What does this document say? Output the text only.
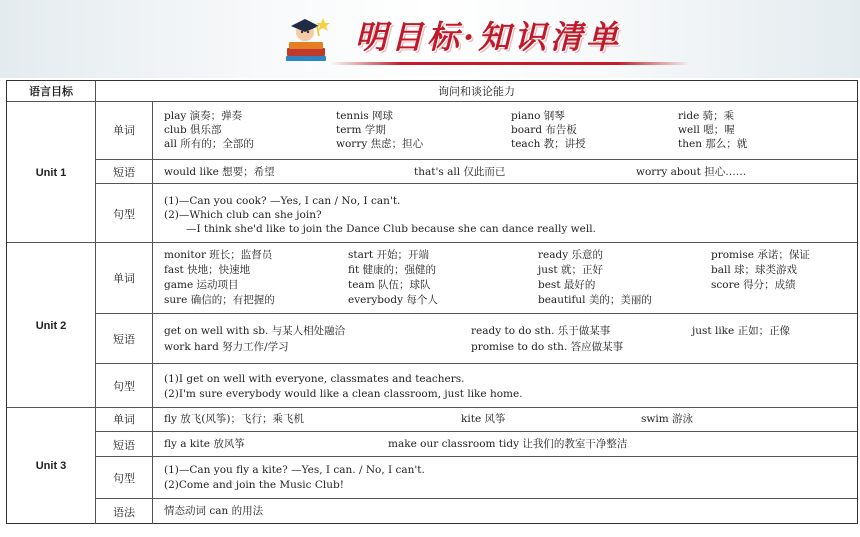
明目标·知识清单
语言目标	询问和谈论能力
Unit 1
单词
play 演奏；弹奏	tennis 网球	piano 钢琴	ride 骑；乘
club 俱乐部	term 学期	board 布告板	well 嗯；喔
all 所有的；全部的	worry 焦虑；担心	teach 教；讲授	then 那么；就
短语	would like 想要；希望	that's all 仅此而已	worry about 担心……
句型
(1)—Can you cook? —Yes, I can / No, I can't.
(2)—Which club can she join?
—I think she'd like to join the Dance Club because she can dance really well.
Unit 2
单词
monitor 班长；监督员	start 开始；开端	ready 乐意的	promise 承诺；保证
fast 快地；快速地	fit 健康的；强健的	just 就；正好	ball 球；球类游戏
game 运动项目	team 队伍；球队	best 最好的	score 得分；成绩
sure 确信的；有把握的	everybody 每个人	beautiful 美的；美丽的
短语
get on well with sb. 与某人相处融洽	ready to do sth. 乐于做某事	just like 正如；正像
work hard 努力工作/学习	promise to do sth. 答应做某事
句型
(1)I get on well with everyone, classmates and teachers.
(2)I'm sure everybody would like a clean classroom, just like home.
Unit 3
单词	fly 放飞(风筝)；飞行；乘飞机	kite 风筝	swim 游泳
短语	fly a kite 放风筝	make our classroom tidy 让我们的教室干净整洁
句型
(1)—Can you fly a kite? —Yes, I can. / No, I can't.
(2)Come and join the Music Club!
语法	情态动词 can 的用法
